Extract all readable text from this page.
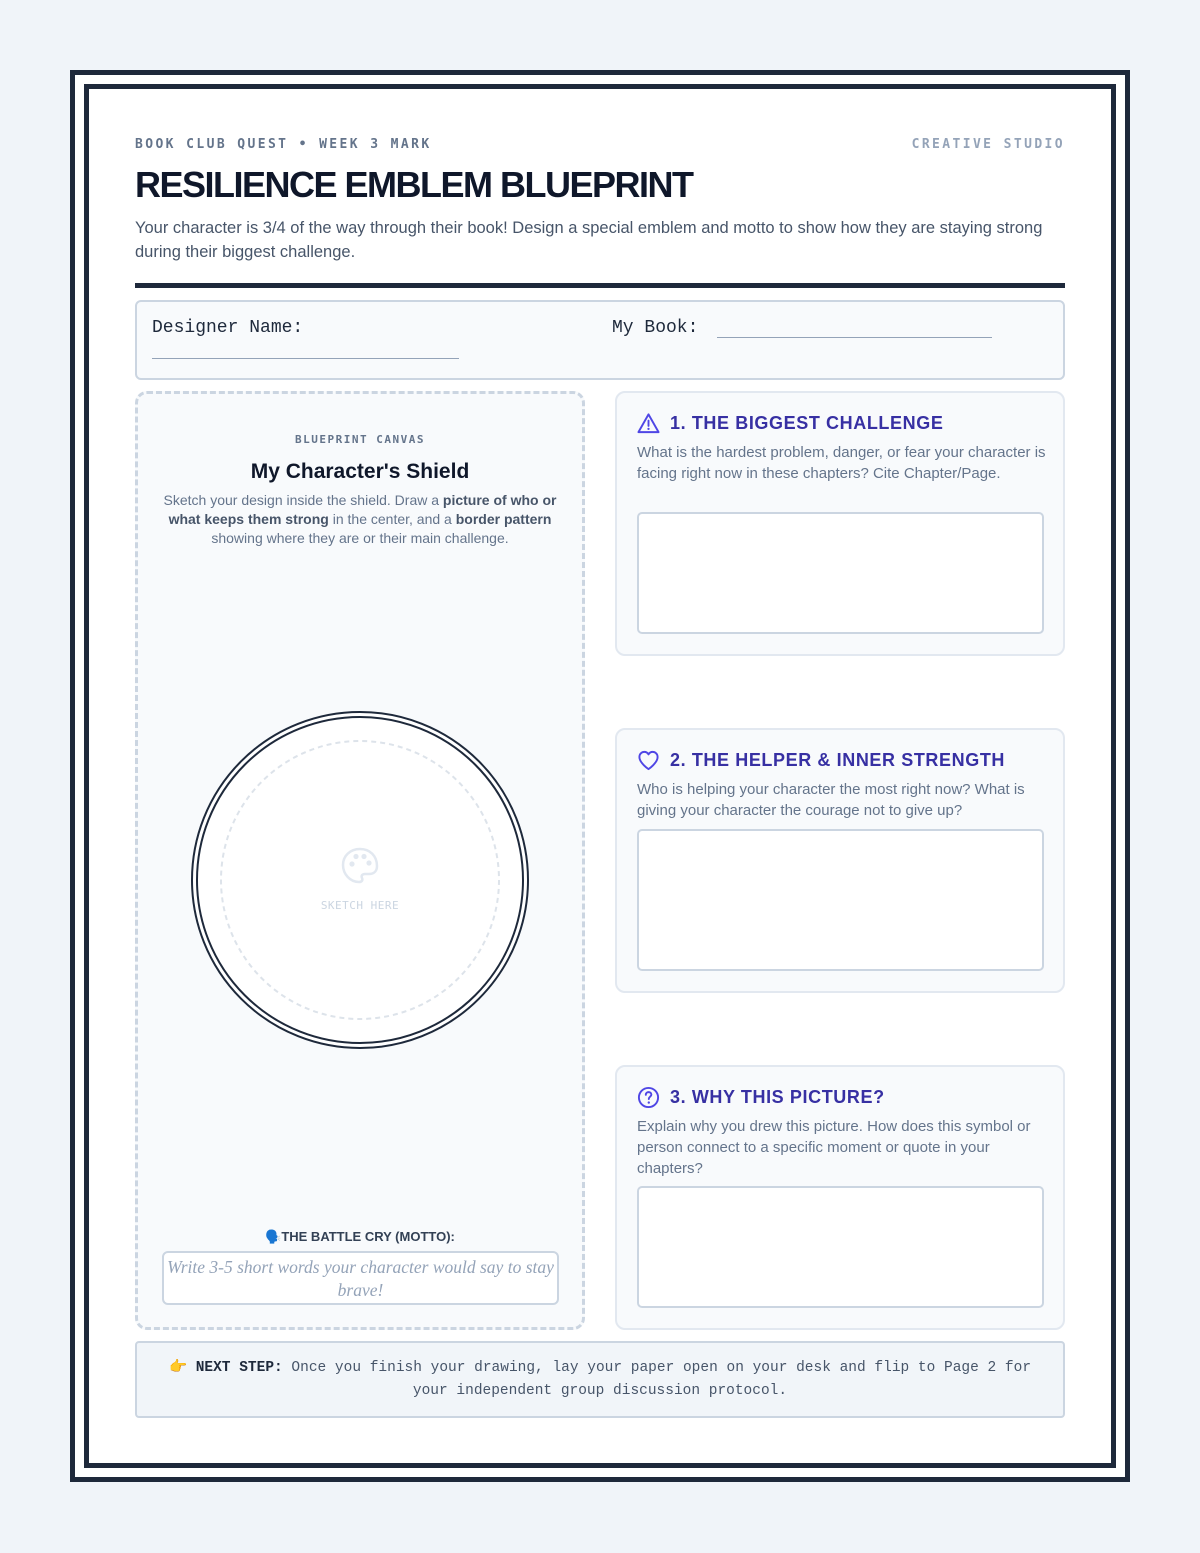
BOOK CLUB QUEST • WEEK 3 MARK	CREATIVE STUDIO
RESILIENCE EMBLEM BLUEPRINT
Your character is 3/4 of the way through their book! Design a special emblem and motto to show how they are staying strong during their biggest challenge.
Designer Name:	My Book:
BLUEPRINT CANVAS
My Character's Shield
Sketch your design inside the shield. Draw a picture of who or what keeps them strong in the center, and a border pattern showing where they are or their main challenge.
SKETCH HERE
🗣️THE BATTLE CRY (MOTTO):
Write 3-5 short words your character would say to stay brave!
1. THE BIGGEST CHALLENGE
What is the hardest problem, danger, or fear your character is facing right now in these chapters? Cite Chapter/Page.
2. THE HELPER & INNER STRENGTH
Who is helping your character the most right now? What is giving your character the courage not to give up?
3. WHY THIS PICTURE?
Explain why you drew this picture. How does this symbol or person connect to a specific moment or quote in your chapters?
👉 NEXT STEP: Once you finish your drawing, lay your paper open on your desk and flip to Page 2 for your independent group discussion protocol.
